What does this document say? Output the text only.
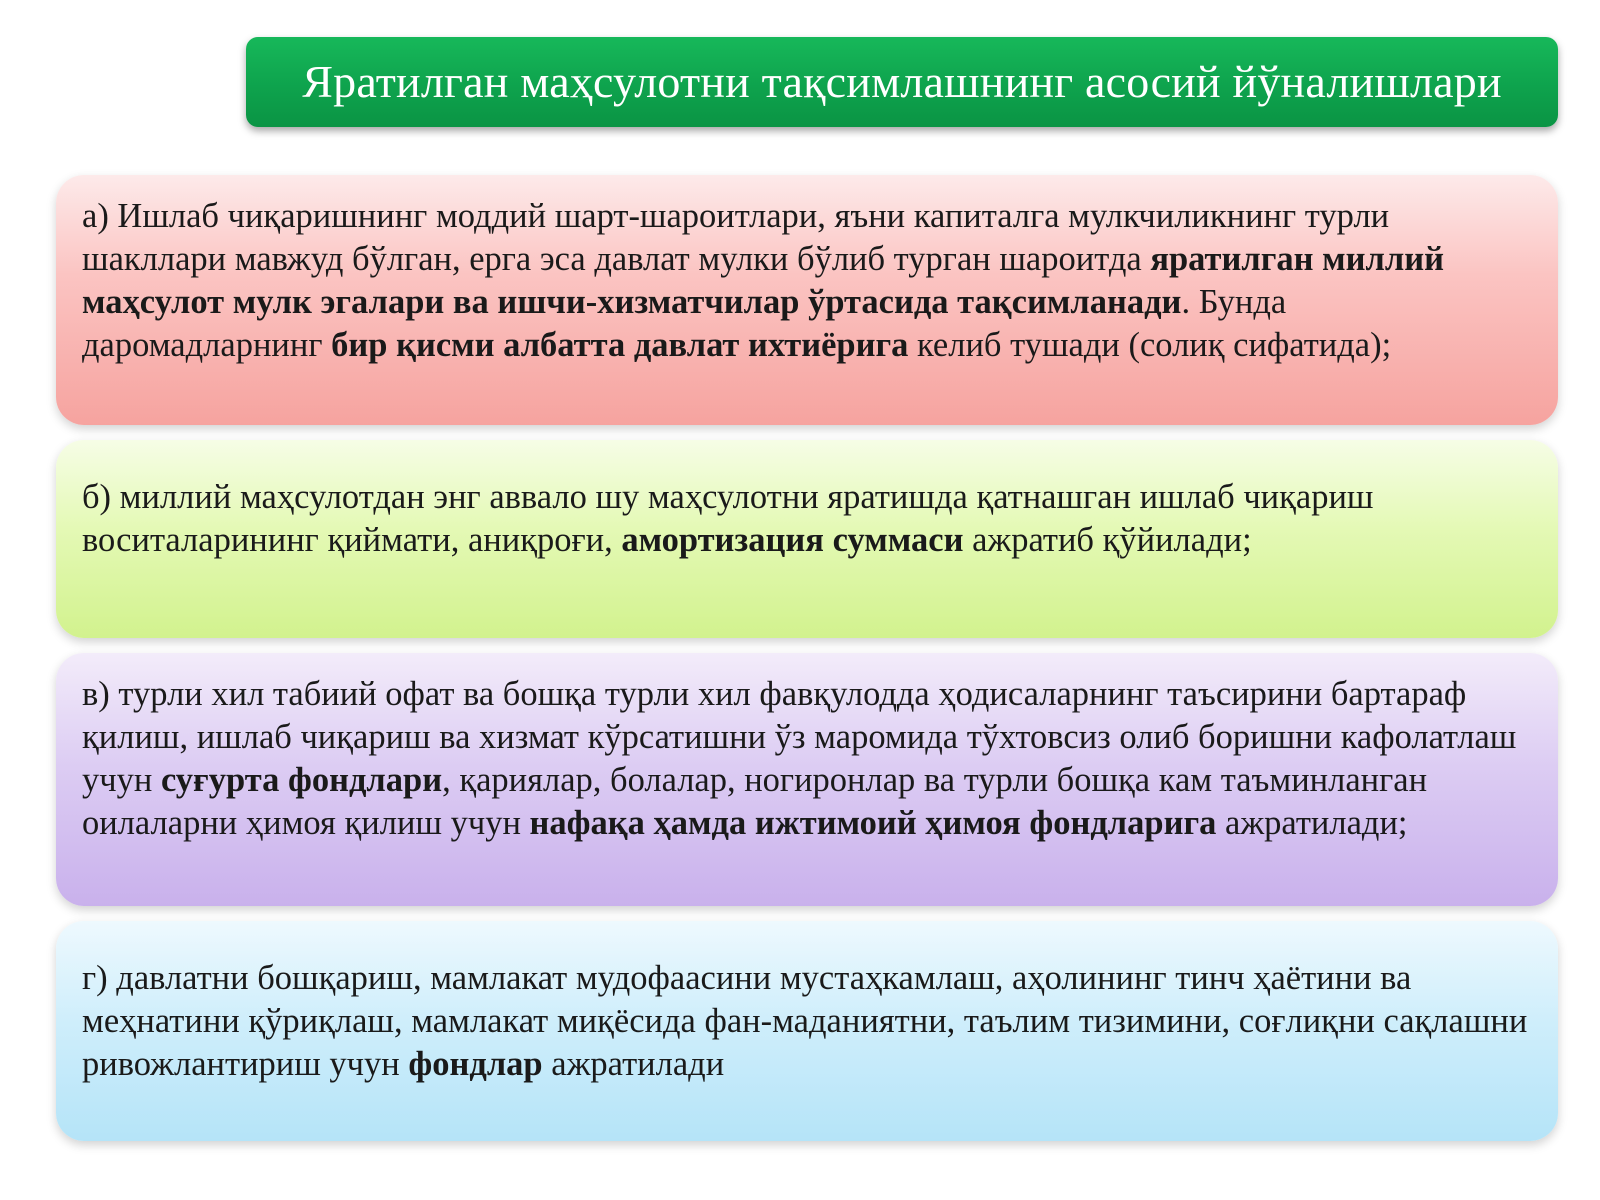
Яратилган маҳсулотни тақсимлашнинг асосий йўналишлари

а) Ишлаб чиқаришнинг моддий шарт-шароитлари, яъни капиталга мулкчиликнинг турли шакллари мавжуд бўлган, ерга эса давлат мулки бўлиб турган шароитда яратилган миллий маҳсулот мулк эгалари ва ишчи-хизматчилар ўртасида тақсимланади. Бунда даромадларнинг бир қисми албатта давлат ихтиёрига келиб тушади (солиқ сифатида);

б) миллий маҳсулотдан энг аввало шу маҳсулотни яратишда қатнашган ишлаб чиқариш воситаларининг қиймати, аниқроғи, амортизация суммаси ажратиб қўйилади;

в) турли хил табиий офат ва бошқа турли хил фавқулодда ҳодисаларнинг таъсирини бартараф қилиш, ишлаб чиқариш ва хизмат кўрсатишни ўз маромида тўхтовсиз олиб боришни кафолатлаш учун суғурта фондлари, қариялар, болалар, ногиронлар ва турли бошқа кам таъминланган оилаларни ҳимоя қилиш учун нафақа ҳамда ижтимоий ҳимоя фондларига ажратилади;

г) давлатни бошқариш, мамлакат мудофаасини мустаҳкамлаш, аҳолининг тинч ҳаётини ва меҳнатини қўриқлаш, мамлакат миқёсида фан-маданиятни, таълим тизимини, соғлиқни сақлашни ривожлантириш учун фондлар ажратилади
